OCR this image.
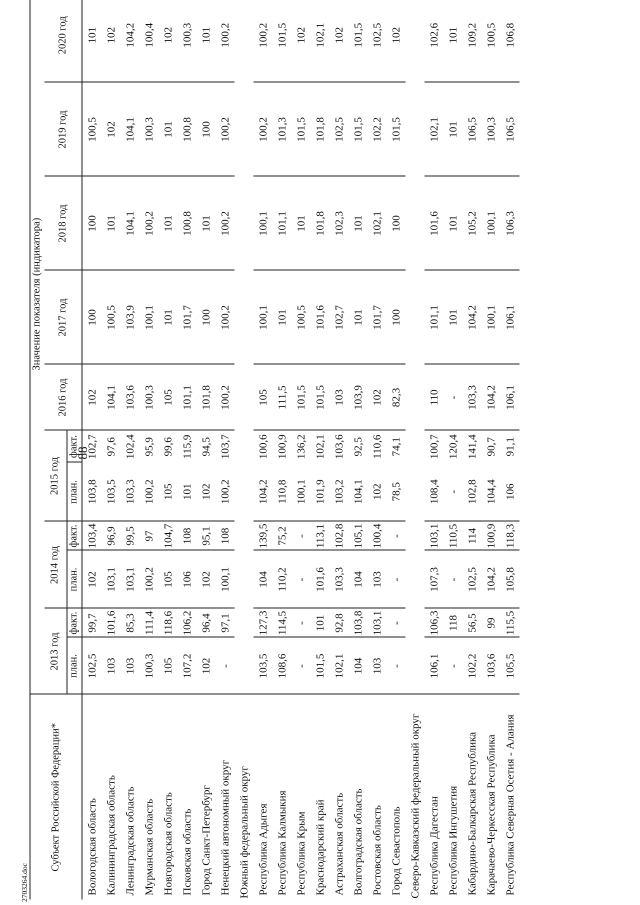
88
Субъект Российской Федерации*	Значение показателя (индикатора)										
	2013 год		2014 год		2015 год		2016 год	2017 год	2018 год	2019 год	2020 год
	план.	факт.	план.	факт.	план.	факт.					
Вологодская область	102,5	99,7	102	103,4	103,8	102,7	102	100	100	100,5	101
Калининградская область	103	101,6	103,1	96,9	103,5	97,6	104,1	100,5	101	102	102
Ленинградская область	103	85,3	103,1	99,5	103,3	102,4	103,6	103,9	104,1	104,1	104,2
Мурманская область	100,3	111,4	100,2	97	100,2	95,9	100,3	100,1	100,2	100,3	100,4
Новгородская область	105	118,6	105	104,7	105	99,6	105	101	101	101	102
Псковская область	107,2	106,2	106	108	101	115,9	101,1	101,7	100,8	100,8	100,3
Город Санкт-Петербург	102	96,4	102	95,1	102	94,5	101,8	100	101	100	101
Ненецкий автономный округ	-	97,1	100,1	108	100,2	103,7	100,2	100,2	100,2	100,2	100,2
Южный федеральный округ											
Республика Адыгея	103,5	127,3	104	139,5	104,2	100,6	105	100,1	100,1	100,2	100,2
Республика Калмыкия	108,6	114,5	110,2	75,2	110,8	100,9	111,5	101	101,1	101,3	101,5
Республика Крым	-	-	-	-	100,1	136,2	101,5	100,5	101	101,5	102
Краснодарский край	101,5	101	101,6	113,1	101,9	102,1	101,5	101,6	101,8	101,8	102,1
Астраханская область	102,1	92,8	103,3	102,8	103,2	103,6	103	102,7	102,3	102,5	102
Волгоградская область	104	103,8	104	105,1	104,1	92,5	103,9	101	101	101,5	101,5
Ростовская область	103	103,1	103	100,4	102	110,6	102	101,7	102,1	102,2	102,5
Город Севастополь	-	-	-	-	78,5	74,1	82,3	100	100	101,5	102
Северо-Кавказский федеральный округ											
Республика Дагестан	106,1	106,3	107,3	103,1	108,4	100,7	110	101,1	101,6	102,1	102,6
Республика Ингушетия	-	118	-	110,5	-	120,4	-	101	101	101	101
Кабардино-Балкарская Республика	102,2	56,5	102,5	114	102,8	141,4	103,3	104,2	105,2	106,5	109,2
Карачаево-Черкесская Республика	103,6	99	104,2	100,9	104,4	90,7	104,2	100,1	100,1	100,3	100,5
Республика Северная Осетия - Алания	105,5	115,5	105,8	118,3	106	91,1	106,1	106,1	106,3	106,5	106,8
2703264.doc
